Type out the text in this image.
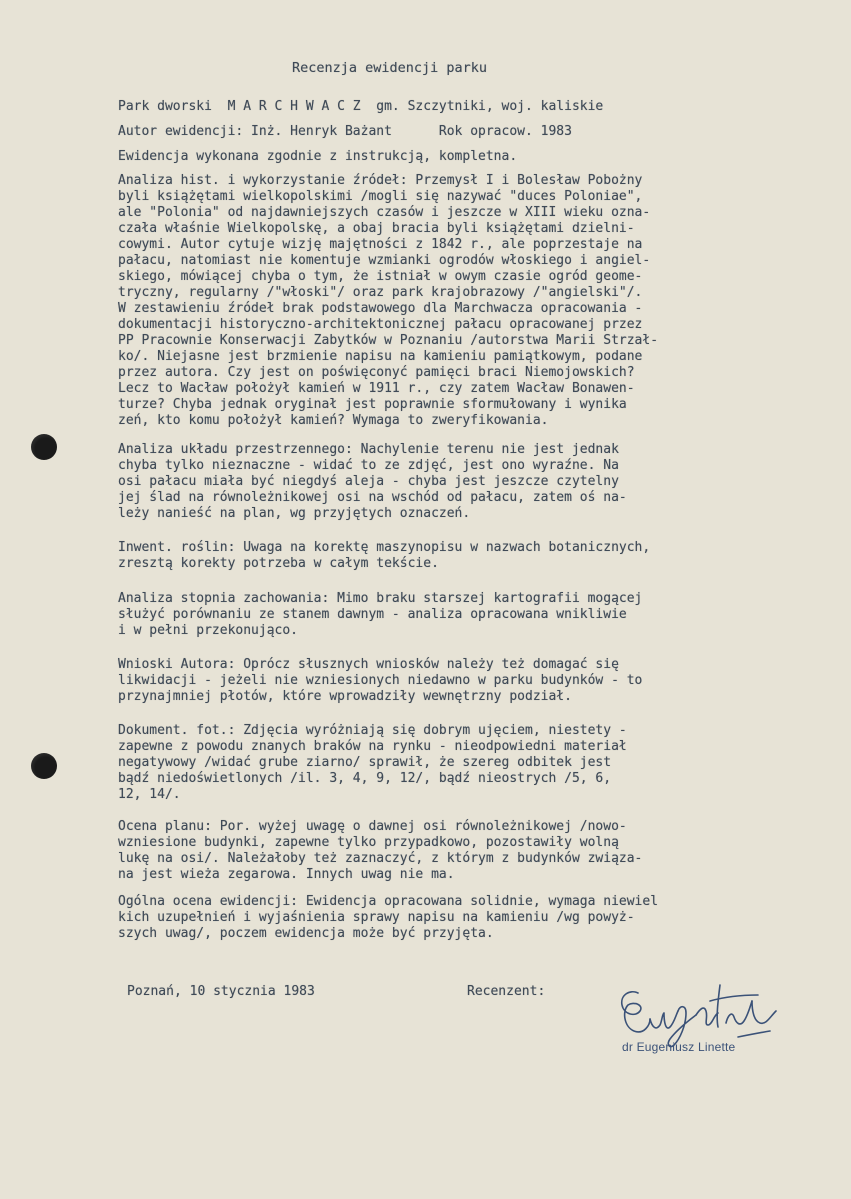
Recenzja ewidencji parku
Park dworski  M A R C H W A C Z  gm. Szczytniki, woj. kaliskie
Autor ewidencji: Inż. Henryk Bażant      Rok opracow. 1983
Ewidencja wykonana zgodnie z instrukcją, kompletna.
Analiza hist. i wykorzystanie źródeł: Przemysł I i Bolesław Pobożny
byli książętami wielkopolskimi /mogli się nazywać "duces Poloniae",
ale "Polonia" od najdawniejszych czasów i jeszcze w XIII wieku ozna-
czała właśnie Wielkopolskę, a obaj bracia byli książętami dzielni-
cowymi. Autor cytuje wizję majętności z 1842 r., ale poprzestaje na
pałacu, natomiast nie komentuje wzmianki ogrodów włoskiego i angiel-
skiego, mówiącej chyba o tym, że istniał w owym czasie ogród geome-
tryczny, regularny /"włoski"/ oraz park krajobrazowy /"angielski"/.
W zestawieniu źródeł brak podstawowego dla Marchwacza opracowania -
dokumentacji historyczno-architektonicznej pałacu opracowanej przez
PP Pracownie Konserwacji Zabytków w Poznaniu /autorstwa Marii Strzał-
ko/. Niejasne jest brzmienie napisu na kamieniu pamiątkowym, podane
przez autora. Czy jest on poświęconyć pamięci braci Niemojowskich?
Lecz to Wacław położył kamień w 1911 r., czy zatem Wacław Bonawen-
turze? Chyba jednak oryginał jest poprawnie sformułowany i wynika
zeń, kto komu położył kamień? Wymaga to zweryfikowania.
Analiza układu przestrzennego: Nachylenie terenu nie jest jednak
chyba tylko nieznaczne - widać to ze zdjęć, jest ono wyraźne. Na
osi pałacu miała być niegdyś aleja - chyba jest jeszcze czytelny
jej ślad na równoleżnikowej osi na wschód od pałacu, zatem oś na-
leży nanieść na plan, wg przyjętych oznaczeń.
Inwent. roślin: Uwaga na korektę maszynopisu w nazwach botanicznych,
zresztą korekty potrzeba w całym tekście.
Analiza stopnia zachowania: Mimo braku starszej kartografii mogącej
służyć porównaniu ze stanem dawnym - analiza opracowana wnikliwie
i w pełni przekonująco.
Wnioski Autora: Oprócz słusznych wniosków należy też domagać się
likwidacji - jeżeli nie wzniesionych niedawno w parku budynków - to
przynajmniej płotów, które wprowadziły wewnętrzny podział.
Dokument. fot.: Zdjęcia wyróżniają się dobrym ujęciem, niestety -
zapewne z powodu znanych braków na rynku - nieodpowiedni materiał
negatywowy /widać grube ziarno/ sprawił, że szereg odbitek jest
bądź niedoświetlonych /il. 3, 4, 9, 12/, bądź nieostrych /5, 6,
12, 14/.
Ocena planu: Por. wyżej uwagę o dawnej osi równoleżnikowej /nowo-
wzniesione budynki, zapewne tylko przypadkowo, pozostawiły wolną
lukę na osi/. Należałoby też zaznaczyć, z którym z budynków związa-
na jest wieża zegarowa. Innych uwag nie ma.
Ogólna ocena ewidencji: Ewidencja opracowana solidnie, wymaga niewiel
kich uzupełnień i wyjaśnienia sprawy napisu na kamieniu /wg powyż-
szych uwag/, poczem ewidencja może być przyjęta.
Poznań, 10 stycznia 1983	Recenzent:
dr Eugeniusz Linette
